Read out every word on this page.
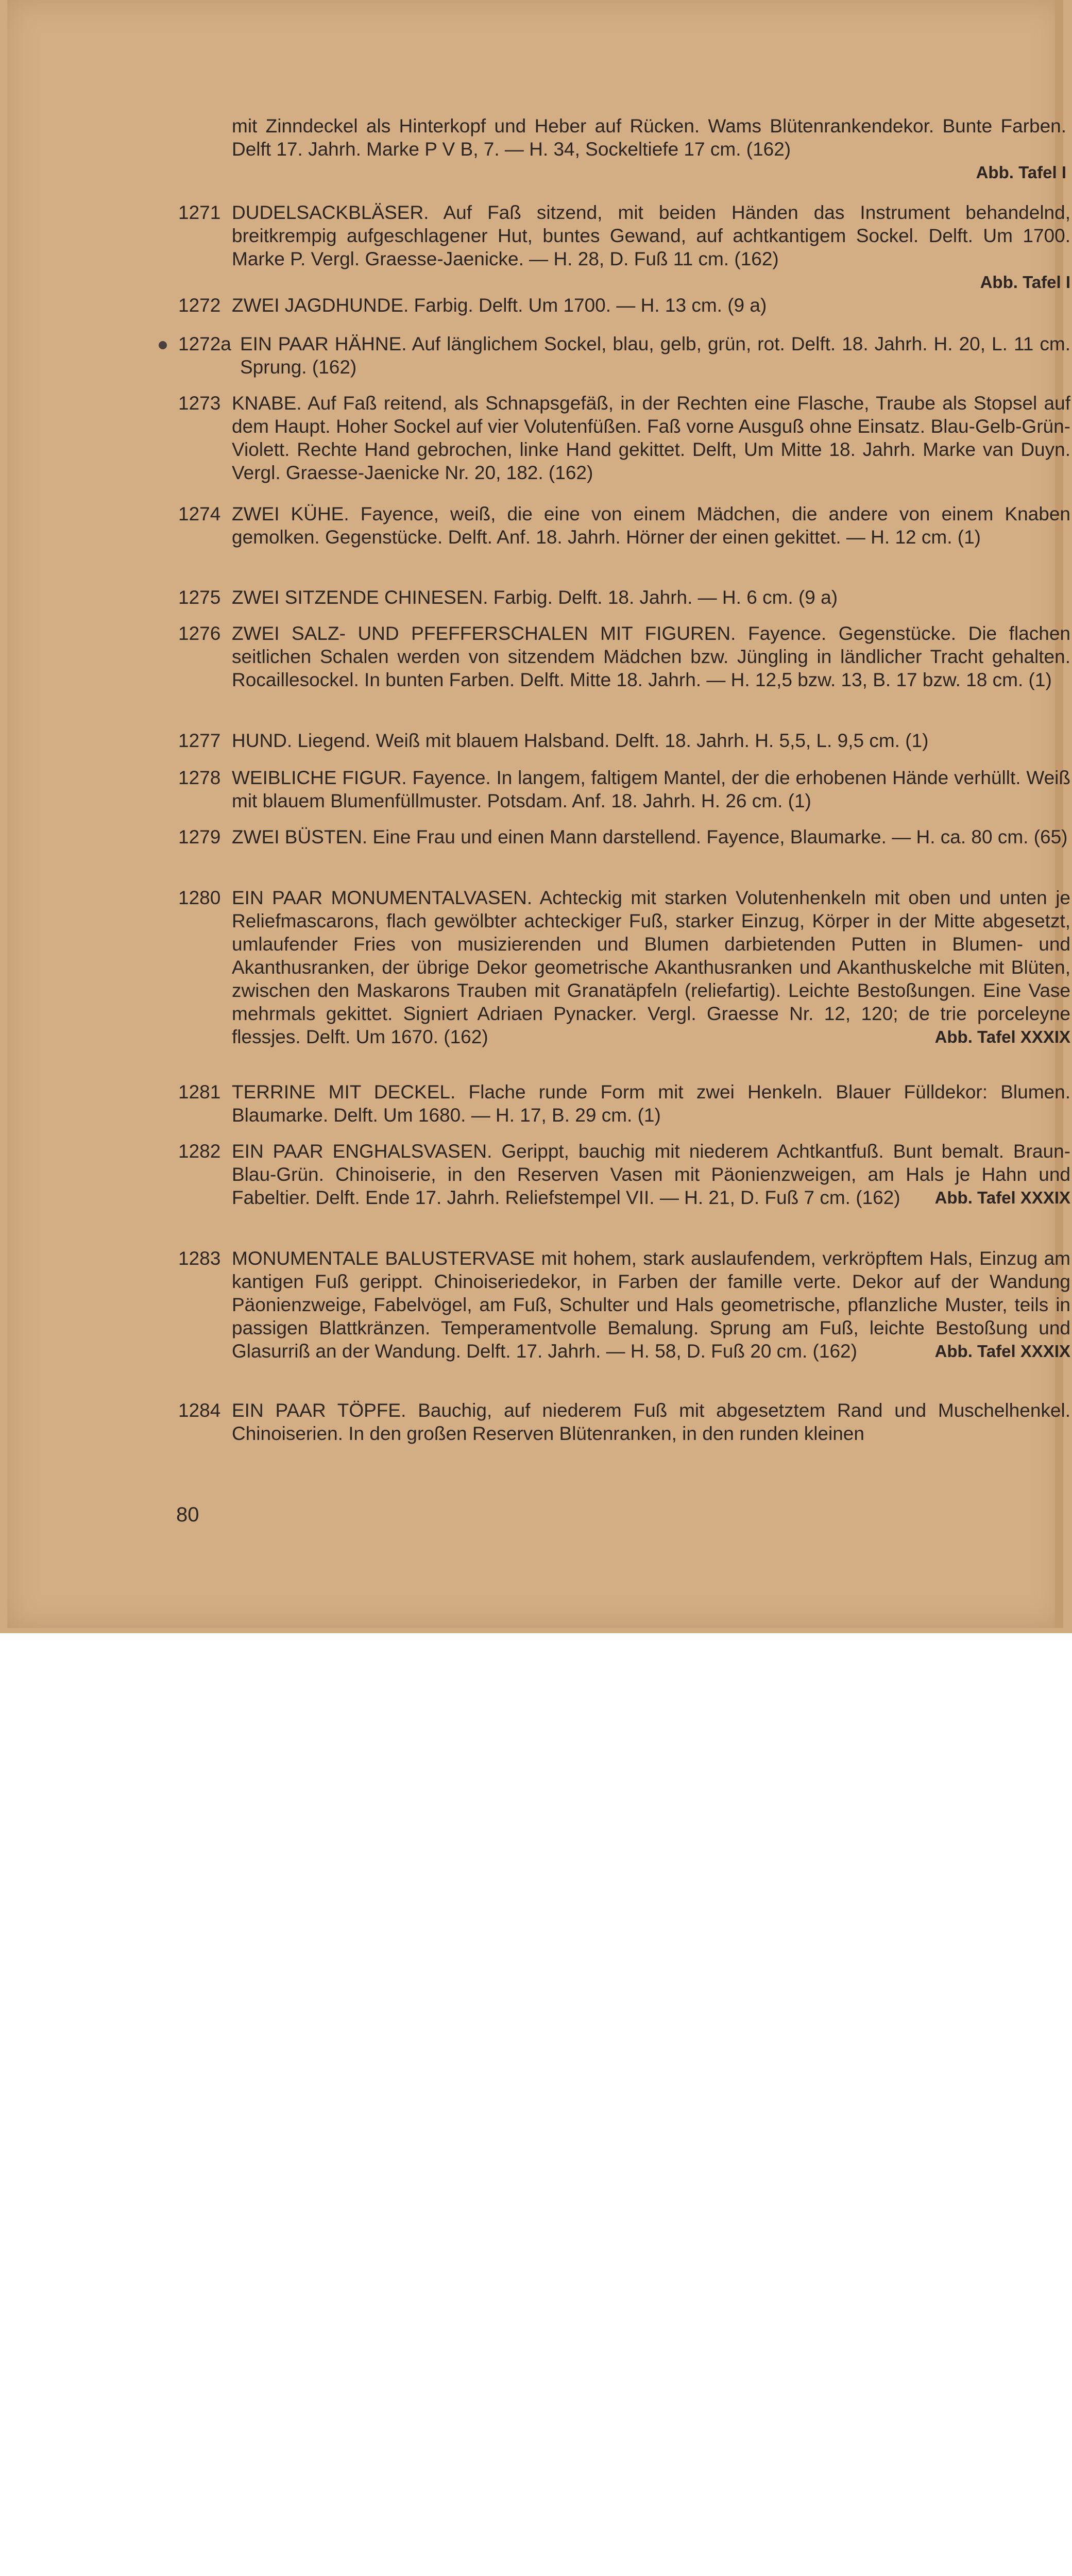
mit Zinndeckel als Hinterkopf und Heber auf Rücken. Wams Blütenrankendekor. Bunte Farben. Delft 17. Jahrh. Marke P V B, 7. — H. 34, Sockeltiefe 17 cm. (162)
Abb. Tafel I
1271 DUDELSACKBLÄSER. Auf Faß sitzend, mit beiden Händen das Instrument behandelnd, breitkrempig aufgeschlagener Hut, buntes Gewand, auf achtkantigem Sockel. Delft. Um 1700. Marke P. Vergl. Graesse-Jaenicke. — H. 28, D. Fuß 11 cm. (162)
Abb. Tafel I
1272 ZWEI JAGDHUNDE. Farbig. Delft. Um 1700. — H. 13 cm. (9 a)
1272a EIN PAAR HÄHNE. Auf länglichem Sockel, blau, gelb, grün, rot. Delft. 18. Jahrh. H. 20, L. 11 cm. Sprung. (162)
1273 KNABE. Auf Faß reitend, als Schnapsgefäß, in der Rechten eine Flasche, Traube als Stopsel auf dem Haupt. Hoher Sockel auf vier Volutenfüßen. Faß vorne Ausguß ohne Einsatz. Blau-Gelb-Grün-Violett. Rechte Hand gebrochen, linke Hand gekittet. Delft, Um Mitte 18. Jahrh. Marke van Duyn. Vergl. Graesse-Jaenicke Nr. 20, 182. (162)
1274 ZWEI KÜHE. Fayence, weiß, die eine von einem Mädchen, die andere von einem Knaben gemolken. Gegenstücke. Delft. Anf. 18. Jahrh. Hörner der einen gekittet. — H. 12 cm. (1)
1275 ZWEI SITZENDE CHINESEN. Farbig. Delft. 18. Jahrh. — H. 6 cm. (9 a)
1276 ZWEI SALZ- UND PFEFFERSCHALEN MIT FIGUREN. Fayence. Gegenstücke. Die flachen seitlichen Schalen werden von sitzendem Mädchen bzw. Jüngling in ländlicher Tracht gehalten. Rocaillesockel. In bunten Farben. Delft. Mitte 18. Jahrh. — H. 12,5 bzw. 13, B. 17 bzw. 18 cm. (1)
1277 HUND. Liegend. Weiß mit blauem Halsband. Delft. 18. Jahrh. H. 5,5, L. 9,5 cm. (1)
1278 WEIBLICHE FIGUR. Fayence. In langem, faltigem Mantel, der die erhobenen Hände verhüllt. Weiß mit blauem Blumenfüllmuster. Potsdam. Anf. 18. Jahrh. H. 26 cm. (1)
1279 ZWEI BÜSTEN. Eine Frau und einen Mann darstellend. Fayence, Blaumarke. — H. ca. 80 cm. (65)
1280 EIN PAAR MONUMENTALVASEN. Achteckig mit starken Volutenhenkeln mit oben und unten je Reliefmascarons, flach gewölbter achteckiger Fuß, starker Einzug, Körper in der Mitte abgesetzt, umlaufender Fries von musizierenden und Blumen darbietenden Putten in Blumen- und Akanthusranken, der übrige Dekor geometrische Akanthusranken und Akanthuskelche mit Blüten, zwischen den Maskarons Trauben mit Granatäpfeln (reliefartig). Leichte Bestoßungen. Eine Vase mehrmals gekittet. Signiert Adriaen Pynacker. Vergl. Graesse Nr. 12, 120; de trie porceleyne flessjes. Delft. Um 1670. (162)	Abb. Tafel XXXIX
1281 TERRINE MIT DECKEL. Flache runde Form mit zwei Henkeln. Blauer Fülldekor: Blumen. Blaumarke. Delft. Um 1680. — H. 17, B. 29 cm. (1)
1282 EIN PAAR ENGHALSVASEN. Gerippt, bauchig mit niederem Achtkantfuß. Bunt bemalt. Braun-Blau-Grün. Chinoiserie, in den Reserven Vasen mit Päonienzweigen, am Hals je Hahn und Fabeltier. Delft. Ende 17. Jahrh. Reliefstempel VII. — H. 21, D. Fuß 7 cm. (162) Abb. Tafel XXXIX
1283 MONUMENTALE BALUSTERVASE mit hohem, stark auslaufendem, verkröpftem Hals, Einzug am kantigen Fuß gerippt. Chinoiseriedekor, in Farben der famille verte. Dekor auf der Wandung Päonienzweige, Fabelvögel, am Fuß, Schulter und Hals geometrische, pflanzliche Muster, teils in passigen Blattkränzen. Temperamentvolle Bemalung. Sprung am Fuß, leichte Bestoßung und Glasurriß an der Wandung. Delft. 17. Jahrh. — H. 58, D. Fuß 20 cm. (162)	Abb. Tafel XXXIX
1284 EIN PAAR TÖPFE. Bauchig, auf niederem Fuß mit abgesetztem Rand und Muschelhenkel. Chinoiserien. In den großen Reserven Blütenranken, in den runden kleinen
80
